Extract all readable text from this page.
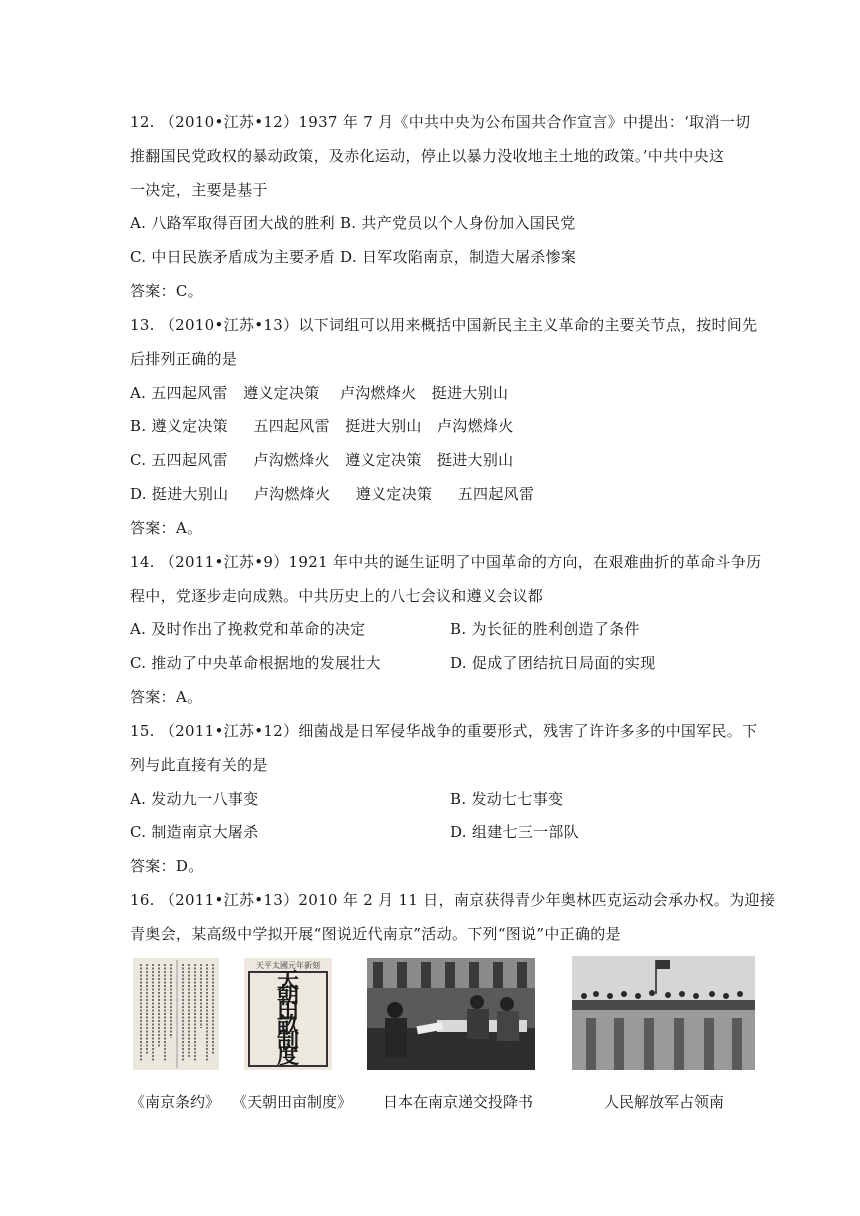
12. （2010•江苏•12）1937 年 7 月《中共中央为公布国共合作宣言》中提出：‘取消一切
推翻国民党政权的暴动政策，及赤化运动，停止以暴力没收地主土地的政策。’中共中央这
一决定，主要是基于
A. 八路军取得百团大战的胜利 B. 共产党员以个人身份加入国民党
C. 中日民族矛盾成为主要矛盾 D. 日军攻陷南京，制造大屠杀惨案
答案：C。
13. （2010•江苏•13）以下词组可以用来概括中国新民主主义革命的主要关节点，按时间先
后排列正确的是
A. 五四起风雷　遵义定决策　 卢沟燃烽火　挺进大别山
B. 遵义定决策 　 五四起风雷　挺进大别山　卢沟燃烽火
C. 五四起风雷 　 卢沟燃烽火　遵义定决策　挺进大别山
D. 挺进大别山 　 卢沟燃烽火 　 遵义定决策 　 五四起风雷
答案：A。
14. （2011•江苏•9）1921 年中共的诞生证明了中国革命的方向，在艰难曲折的革命斗争历
程中，党逐步走向成熟。中共历史上的八七会议和遵义会议都
A. 及时作出了挽救党和革命的决定	B. 为长征的胜利创造了条件
C. 推动了中央革命根据地的发展壮大	D. 促成了团结抗日局面的实现
答案：A。
15. （2011•江苏•12）细菌战是日军侵华战争的重要形式，残害了许许多多的中国军民。下
列与此直接有关的是
A. 发动九一八事变	B. 发动七七事变
C. 制造南京大屠杀	D. 组建七三一部队
答案：D。
16. （2011•江苏•13）2010 年 2 月 11 日，南京获得青少年奥林匹克运动会承办权。为迎接
青奥会，某高级中学拟开展“图说近代南京”活动。下列“图说”中正确的是
天平太國元年新刻
天朝田畝制度
《南京条约》 《天朝田亩制度》 日本在南京递交投降书	人民解放军占领南
